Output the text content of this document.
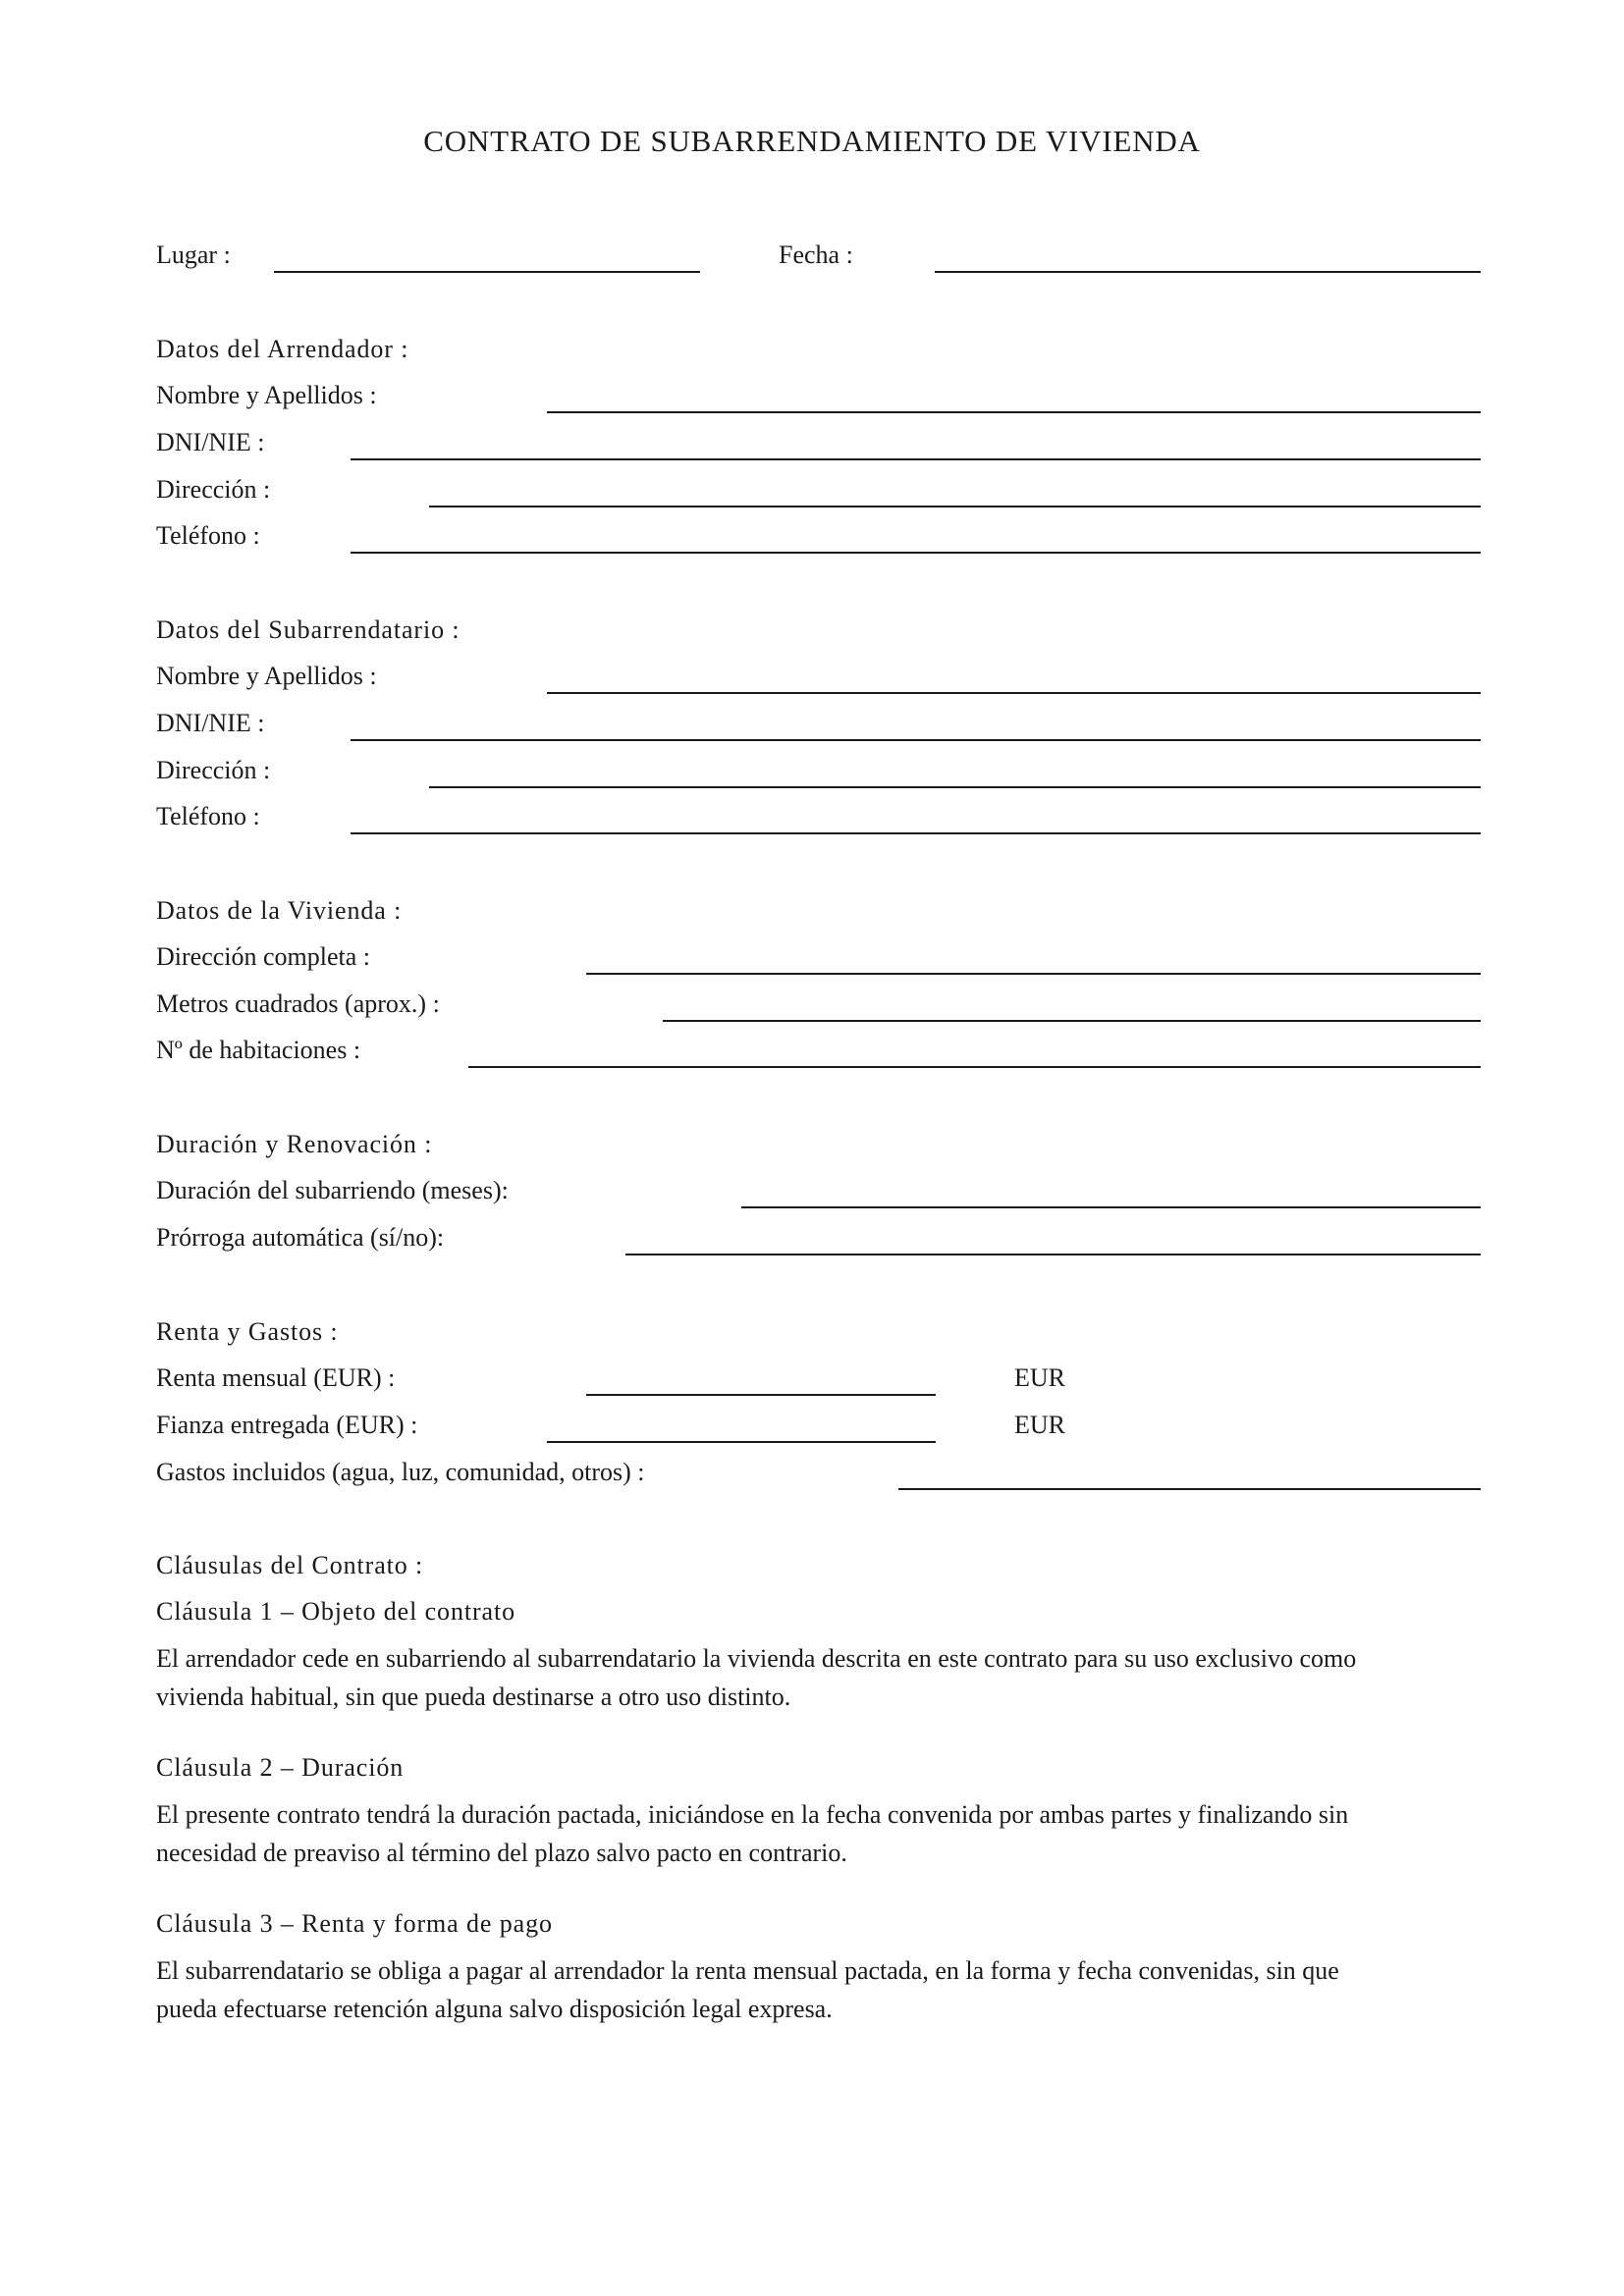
CONTRATO DE SUBARRENDAMIENTO DE VIVIENDA
Lugar :	Fecha :
Datos del Arrendador :
Nombre y Apellidos :
DNI/NIE :
Dirección :
Teléfono :
Datos del Subarrendatario :
Nombre y Apellidos :
DNI/NIE :
Dirección :
Teléfono :
Datos de la Vivienda :
Dirección completa :
Metros cuadrados (aprox.) :
Nº de habitaciones :
Duración y Renovación :
Duración del subarriendo (meses):
Prórroga automática (sí/no):
Renta y Gastos :
Renta mensual (EUR) :	EUR
Fianza entregada (EUR) :	EUR
Gastos incluidos (agua, luz, comunidad, otros) :
Cláusulas del Contrato :
Cláusula 1 – Objeto del contrato
El arrendador cede en subarriendo al subarrendatario la vivienda descrita en este contrato para su uso exclusivo como
vivienda habitual, sin que pueda destinarse a otro uso distinto.
Cláusula 2 – Duración
El presente contrato tendrá la duración pactada, iniciándose en la fecha convenida por ambas partes y finalizando sin
necesidad de preaviso al término del plazo salvo pacto en contrario.
Cláusula 3 – Renta y forma de pago
El subarrendatario se obliga a pagar al arrendador la renta mensual pactada, en la forma y fecha convenidas, sin que
pueda efectuarse retención alguna salvo disposición legal expresa.
